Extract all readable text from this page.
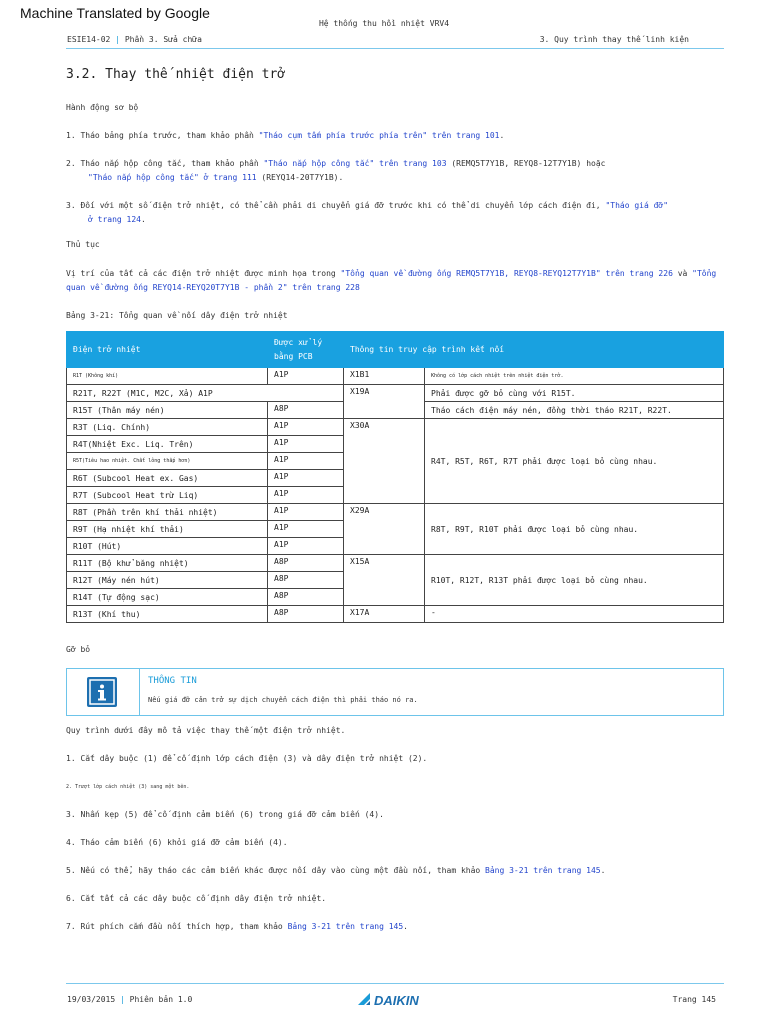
Machine Translated by Google
Hệ thống thu hồi nhiệt VRV4
ESIE14-02 | Phần 3. Sửa chữa	3. Quy trình thay thế linh kiện
3.2. Thay thế nhiệt điện trở
Hành động sơ bộ
1. Tháo bảng phía trước, tham khảo phần "Tháo cụm tấm phía trước phía trên" trên trang 101.
2. Tháo nắp hộp công tắc, tham khảo phần "Tháo nắp hộp công tắc" trên trang 103 (REMQ5T7Y1B, REYQ8-12T7Y1B) hoặc
"Tháo nắp hộp công tắc" ở trang 111 (REYQ14-20T7Y1B).
3. Đối với một số điện trở nhiệt, có thể cần phải di chuyển giá đỡ trước khi có thể di chuyển lớp cách điện đi, "Tháo giá đỡ"
ở trang 124.
Thủ tục
Vị trí của tất cả các điện trở nhiệt được minh họa trong "Tổng quan về đường ống REMQ5T7Y1B, REYQ8-REYQ12T7Y1B" trên trang 226 và "Tổng
quan về đường ống REYQ14-REYQ20T7Y1B - phần 2" trên trang 228
Bảng 3-21: Tổng quan về nối dây điện trở nhiệt
Điện trở nhiệt	Được xử lý
bằng PCB	Thông tin truy cập trình kết nối	
R1T (Không khí)	A1P	X1B1	Không có lớp cách nhiệt trên nhiệt điện trở.
R21T, R22T (M1C, M2C, Xả) A1P		X19A	Phải được gỡ bỏ cùng với R15T.
R15T (Thân máy nén)	A8P		Tháo cách điện máy nén, đồng thời tháo R21T, R22T.
R3T (Liq. Chính)	A1P	X30A	R4T, R5T, R6T, R7T phải được loại bỏ cùng nhau.
R4T(Nhiệt Exc. Liq. Trên)	A1P		
R5T(Tiêu hao nhiệt. Chất lỏng thấp hơn)	A1P		
R6T (Subcool Heat ex. Gas)	A1P		
R7T (Subcool Heat trừ Liq)	A1P		
R8T (Phần trên khí thải nhiệt)	A1P	X29A	R8T, R9T, R10T phải được loại bỏ cùng nhau.
R9T (Hạ nhiệt khí thải)	A1P		
R10T (Hút)	A1P		
R11T (Bộ khử băng nhiệt)	A8P	X15A	R10T, R12T, R13T phải được loại bỏ cùng nhau.
R12T (Máy nén hút)	A8P		
R14T (Tự động sạc)	A8P		
R13T (Khí thu)	A8P	X17A	-
Gỡ bỏ
THÔNG TIN
Nếu giá đỡ cản trở sự dịch chuyển cách điện thì phải tháo nó ra.
Quy trình dưới đây mô tả việc thay thế một điện trở nhiệt.
1. Cắt dây buộc (1) để cố định lớp cách điện (3) và dây điện trở nhiệt (2).
2. Trượt lớp cách nhiệt (3) sang một bên.
3. Nhấn kẹp (5) để cố định cảm biến (6) trong giá đỡ cảm biến (4).
4. Tháo cảm biến (6) khỏi giá đỡ cảm biến (4).
5. Nếu có thể, hãy tháo các cảm biến khác được nối dây vào cùng một đầu nối, tham khảo Bảng 3-21 trên trang 145.
6. Cắt tất cả các dây buộc cố định dây điện trở nhiệt.
7. Rút phích cắm đầu nối thích hợp, tham khảo Bảng 3-21 trên trang 145.
19/03/2015 | Phiên bản 1.0	DAIKIN	Trang 145
